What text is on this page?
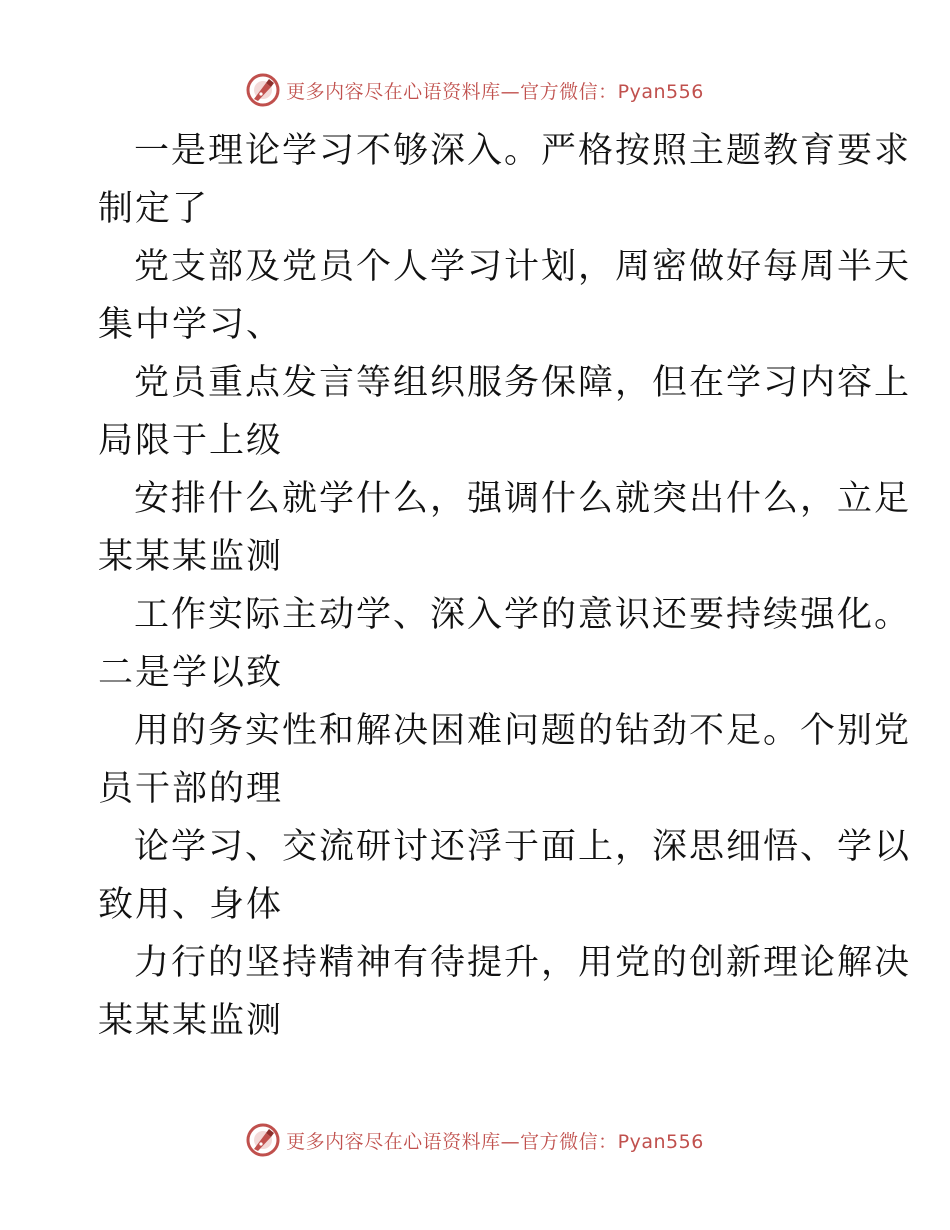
更多内容尽在心语资料库—官方微信：Pyan556
一是理论学习不够深入。严格按照主题教育要求
制定了
党支部及党员个人学习计划，周密做好每周半天
集中学习、
党员重点发言等组织服务保障，但在学习内容上
局限于上级
安排什么就学什么，强调什么就突出什么，立足
某某某监测
工作实际主动学、深入学的意识还要持续强化。
二是学以致
用的务实性和解决困难问题的钻劲不足。个别党
员干部的理
论学习、交流研讨还浮于面上，深思细悟、学以
致用、身体
力行的坚持精神有待提升，用党的创新理论解决
某某某监测
更多内容尽在心语资料库—官方微信：Pyan556
